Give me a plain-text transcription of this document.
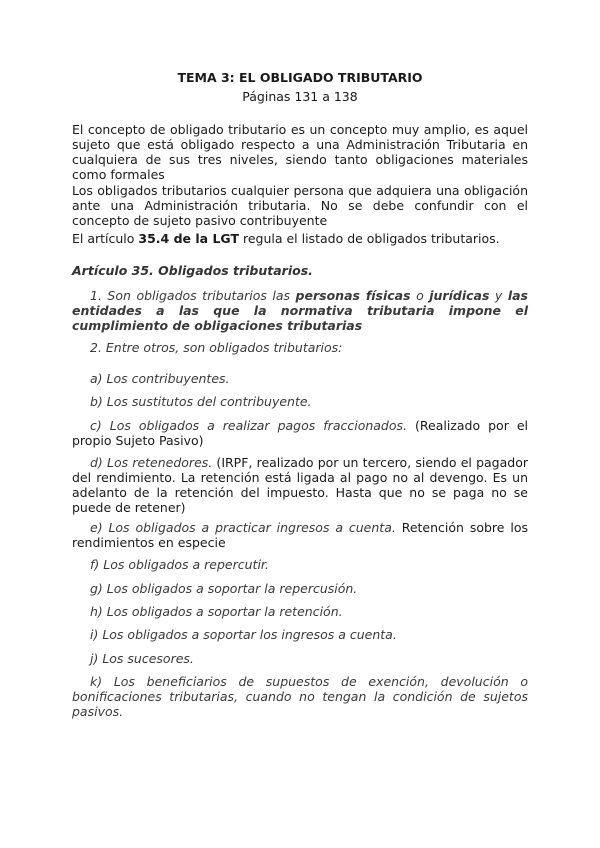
TEMA 3: EL OBLIGADO TRIBUTARIO
Páginas 131 a 138

El concepto de obligado tributario es un concepto muy amplio, es aquel sujeto que está obligado respecto a una Administración Tributaria en cualquiera de sus tres niveles, siendo tanto obligaciones materiales como formales

Los obligados tributarios cualquier persona que adquiera una obligación ante una Administración tributaria. No se debe confundir con el concepto de sujeto pasivo contribuyente

El artículo 35.4 de la LGT regula el listado de obligados tributarios.

Artículo 35. Obligados tributarios.
1. Son obligados tributarios las personas físicas o jurídicas y las entidades a las que la normativa tributaria impone el cumplimiento de obligaciones tributarias
2. Entre otros, son obligados tributarios:
a) Los contribuyentes.
b) Los sustitutos del contribuyente.
c) Los obligados a realizar pagos fraccionados. (Realizado por el propio Sujeto Pasivo)
d) Los retenedores. (IRPF, realizado por un tercero, siendo el pagador del rendimiento. La retención está ligada al pago no al devengo. Es un adelanto de la retención del impuesto. Hasta que no se paga no se puede de retener)
e) Los obligados a practicar ingresos a cuenta. Retención sobre los rendimientos en especie
f) Los obligados a repercutir.
g) Los obligados a soportar la repercusión.
h) Los obligados a soportar la retención.
i) Los obligados a soportar los ingresos a cuenta.
j) Los sucesores.
k) Los beneficiarios de supuestos de exención, devolución o bonificaciones tributarias, cuando no tengan la condición de sujetos pasivos.
